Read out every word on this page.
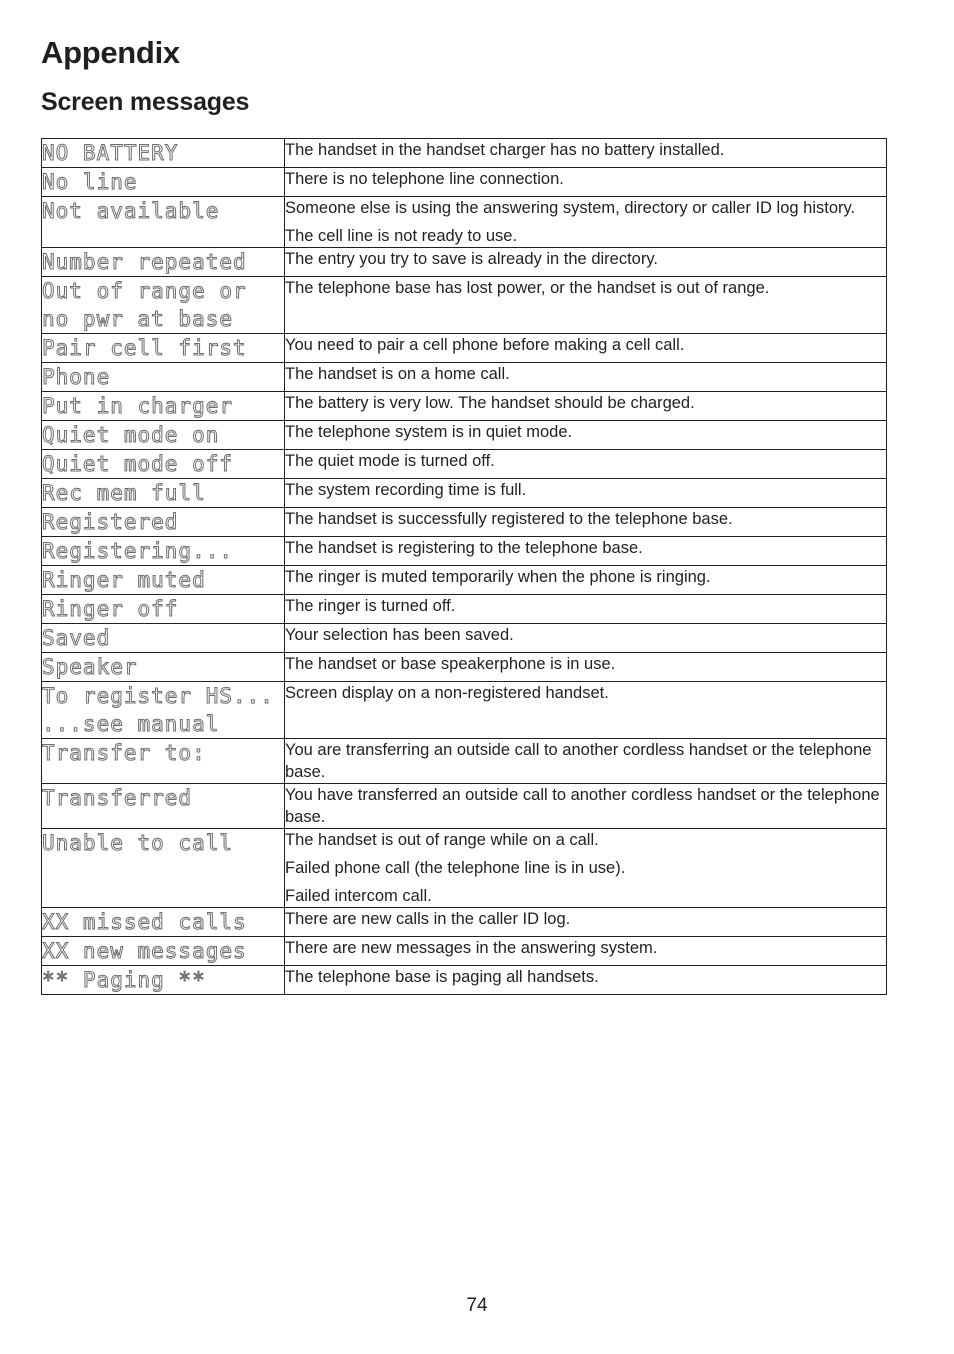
Appendix
Screen messages
NO BATTERY	The handset in the handset charger has no battery installed.

No line	There is no telephone line connection.

Not available	Someone else is using the answering system, directory or caller ID log history.
The cell line is not ready to use.

Number repeated	The entry you try to save is already in the directory.

Out of range or
no pwr at base	The telephone base has lost power, or the handset is out of range.

Pair cell first	You need to pair a cell phone before making a cell call.

Phone	The handset is on a home call.

Put in charger	The battery is very low. The handset should be charged.

Quiet mode on	The telephone system is in quiet mode.

Quiet mode off	The quiet mode is turned off.

Rec mem full	The system recording time is full.

Registered	The handset is successfully registered to the telephone base.

Registering...	The handset is registering to the telephone base.

Ringer muted	The ringer is muted temporarily when the phone is ringing.

Ringer off	The ringer is turned off.

Saved	Your selection has been saved.

Speaker	The handset or base speakerphone is in use.

To register HS...
...see manual	Screen display on a non-registered handset.

Transfer to:	You are transferring an outside call to another cordless handset or the telephone base.

Transferred	You have transferred an outside call to another cordless handset or the telephone base.

Unable to call	The handset is out of range while on a call.
Failed phone call (the telephone line is in use).
Failed intercom call.

XX missed calls	There are new calls in the caller ID log.

XX new messages	There are new messages in the answering system.

** Paging **	The telephone base is paging all handsets.
74
